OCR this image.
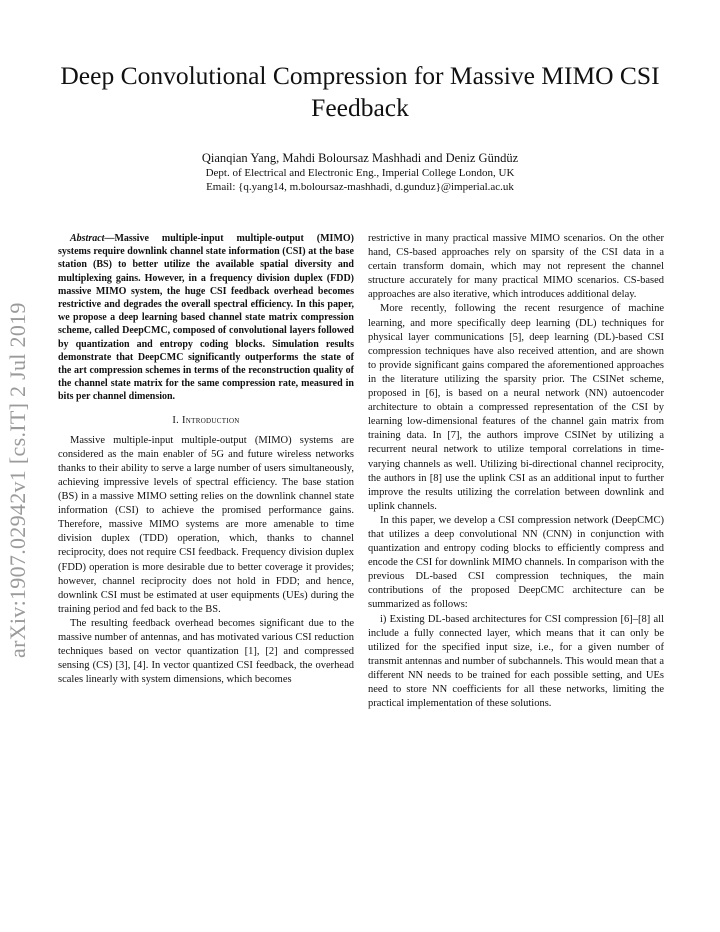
arXiv:1907.02942v1 [cs.IT] 2 Jul 2019
Deep Convolutional Compression for Massive MIMO CSI Feedback
Qianqian Yang, Mahdi Boloursaz Mashhadi and Deniz Gündüz
Dept. of Electrical and Electronic Eng., Imperial College London, UK
Email: {q.yang14, m.boloursaz-mashhadi, d.gunduz}@imperial.ac.uk

Abstract—Massive multiple-input multiple-output (MIMO) systems require downlink channel state information (CSI) at the base station (BS) to better utilize the available spatial diversity and multiplexing gains. However, in a frequency division duplex (FDD) massive MIMO system, the huge CSI feedback overhead becomes restrictive and degrades the overall spectral efficiency. In this paper, we propose a deep learning based channel state matrix compression scheme, called DeepCMC, composed of convolutional layers followed by quantization and entropy coding blocks. Simulation results demonstrate that DeepCMC significantly outperforms the state of the art compression schemes in terms of the reconstruction quality of the channel state matrix for the same compression rate, measured in bits per channel dimension.

I. Introduction

Massive multiple-input multiple-output (MIMO) systems are considered as the main enabler of 5G and future wireless networks thanks to their ability to serve a large number of users simultaneously, achieving impressive levels of spectral efficiency. The base station (BS) in a massive MIMO setting relies on the downlink channel state information (CSI) to achieve the promised performance gains. Therefore, massive MIMO systems are more amenable to time division duplex (TDD) operation, which, thanks to channel reciprocity, does not require CSI feedback. Frequency division duplex (FDD) operation is more desirable due to better coverage it provides; however, channel reciprocity does not hold in FDD; and hence, downlink CSI must be estimated at user equipments (UEs) during the training period and fed back to the BS.

The resulting feedback overhead becomes significant due to the massive number of antennas, and has motivated various CSI reduction techniques based on vector quantization [1], [2] and compressed sensing (CS) [3], [4]. In vector quantized CSI feedback, the overhead scales linearly with system dimensions, which becomes

restrictive in many practical massive MIMO scenarios. On the other hand, CS-based approaches rely on sparsity of the CSI data in a certain transform domain, which may not represent the channel structure accurately for many practical MIMO scenarios. CS-based approaches are also iterative, which introduces additional delay.

More recently, following the recent resurgence of machine learning, and more specifically deep learning (DL) techniques for physical layer communications [5], deep learning (DL)-based CSI compression techniques have also received attention, and are shown to provide significant gains compared the aforementioned approaches in the literature utilizing the sparsity prior. The CSINet scheme, proposed in [6], is based on a neural network (NN) autoencoder architecture to obtain a compressed representation of the CSI by learning low-dimensional features of the channel gain matrix from training data. In [7], the authors improve CSINet by utilizing a recurrent neural network to utilize temporal correlations in time-varying channels as well. Utilizing bi-directional channel reciprocity, the authors in [8] use the uplink CSI as an additional input to further improve the results utilizing the correlation between downlink and uplink channels.

In this paper, we develop a CSI compression network (DeepCMC) that utilizes a deep convolutional NN (CNN) in conjunction with quantization and entropy coding blocks to efficiently compress and encode the CSI for downlink MIMO channels. In comparison with the previous DL-based CSI compression techniques, the main contributions of the proposed DeepCMC architecture can be summarized as follows:

i) Existing DL-based architectures for CSI compression [6]–[8] all include a fully connected layer, which means that it can only be utilized for the specified input size, i.e., for a given number of transmit antennas and number of subchannels. This would mean that a different NN needs to be trained for each possible setting, and UEs need to store NN coefficients for all these networks, limiting the practical implementation of these solutions.
